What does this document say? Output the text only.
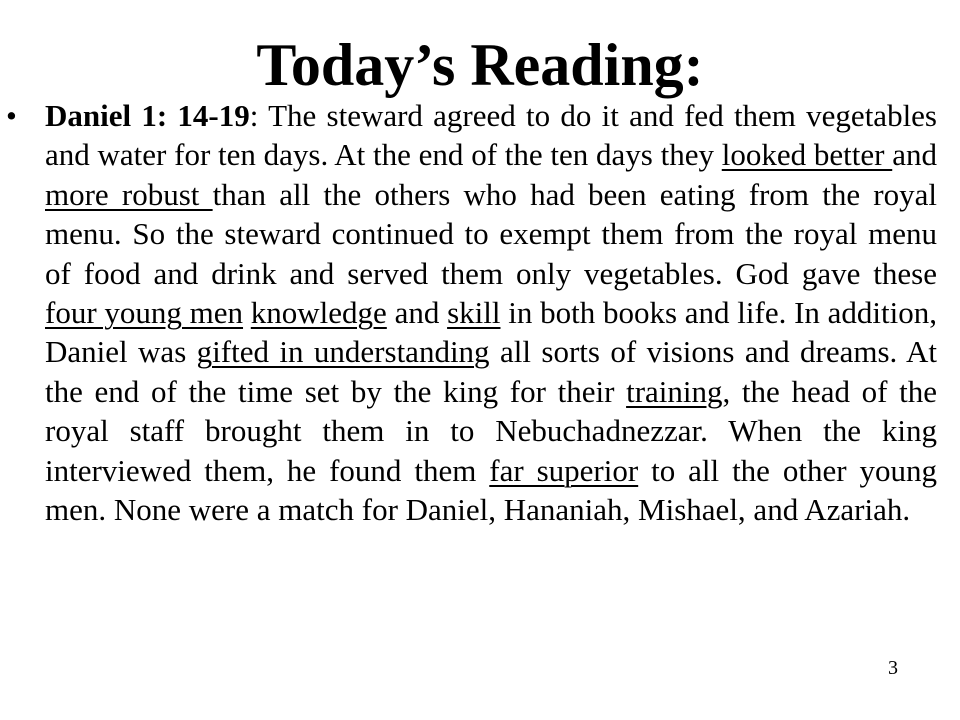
Today’s Reading:
• Daniel 1: 14-19: The steward agreed to do it and fed them vegetables and water for ten days. At the end of the ten days they looked better and more robust than all the others who had been eating from the royal menu. So the steward continued to exempt them from the royal menu of food and drink and served them only vegetables. God gave these four young men knowledge and skill in both books and life. In addition, Daniel was gifted in understanding all sorts of visions and dreams. At the end of the time set by the king for their training, the head of the royal staff brought them in to Nebuchadnezzar. When the king interviewed them, he found them far superior to all the other young men. None were a match for Daniel, Hananiah, Mishael, and Azariah.
3
